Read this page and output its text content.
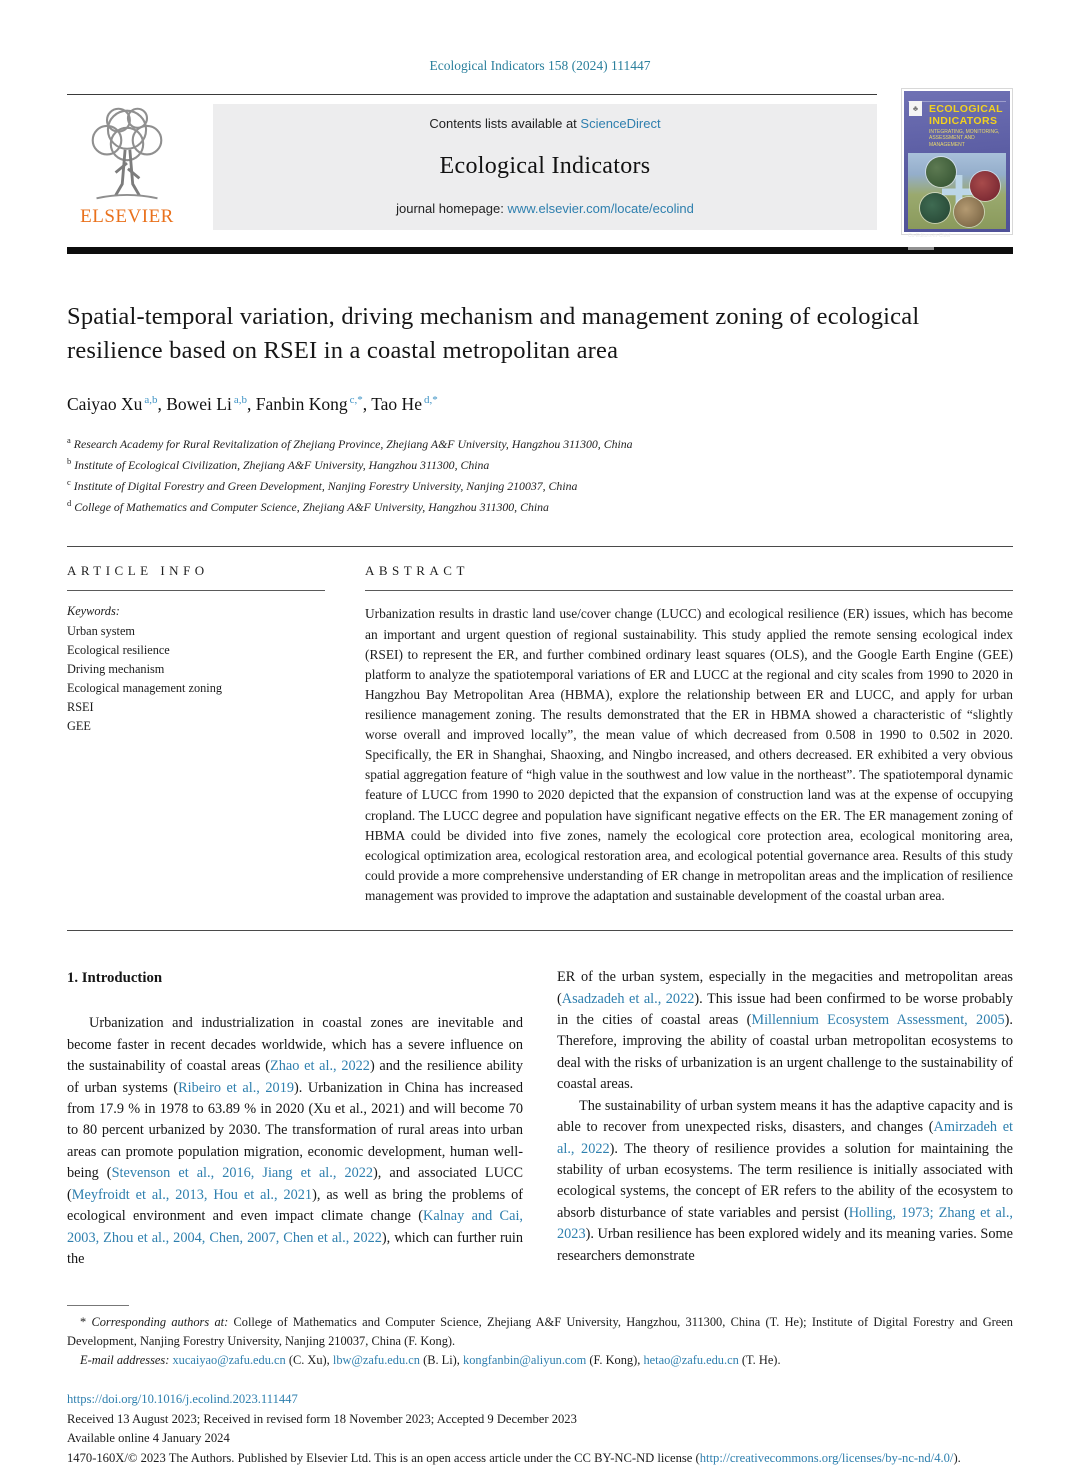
Ecological Indicators 158 (2024) 111447
ELSEVIER
Contents lists available at ScienceDirect
Ecological Indicators
journal homepage: www.elsevier.com/locate/ecolind
♣	ECOLOGICAL
INDICATORS
INTEGRATING, MONITORING, ASSESSMENT AND MANAGEMENT
Co-Editors-in-Chief
Spatial-temporal variation, driving mechanism and management zoning of ecological resilience based on RSEI in a coastal metropolitan area
Caiyao Xu $^{a,b}$, Bowei Li $^{a,b}$, Fanbin Kong $^{c,*}$, Tao He $^{d,*}$
$^a$ Research Academy for Rural Revitalization of Zhejiang Province, Zhejiang A&F University, Hangzhou 311300, China
$^b$ Institute of Ecological Civilization, Zhejiang A&F University, Hangzhou 311300, China
$^c$ Institute of Digital Forestry and Green Development, Nanjing Forestry University, Nanjing 210037, China
$^d$ College of Mathematics and Computer Science, Zhejiang A&F University, Hangzhou 311300, China
ARTICLE INFO
Keywords:
Urban system
Ecological resilience
Driving mechanism
Ecological management zoning
RSEI
GEE
ABSTRACT
Urbanization results in drastic land use/cover change (LUCC) and ecological resilience (ER) issues, which has become an important and urgent question of regional sustainability. This study applied the remote sensing ecological index (RSEI) to represent the ER, and further combined ordinary least squares (OLS), and the Google Earth Engine (GEE) platform to analyze the spatiotemporal variations of ER and LUCC at the regional and city scales from 1990 to 2020 in Hangzhou Bay Metropolitan Area (HBMA), explore the relationship between ER and LUCC, and apply for urban resilience management zoning. The results demonstrated that the ER in HBMA showed a characteristic of “slightly worse overall and improved locally”, the mean value of which decreased from 0.508 in 1990 to 0.502 in 2020. Specifically, the ER in Shanghai, Shaoxing, and Ningbo increased, and others decreased. ER exhibited a very obvious spatial aggregation feature of “high value in the southwest and low value in the northeast”. The spatiotemporal dynamic feature of LUCC from 1990 to 2020 depicted that the expansion of construction land was at the expense of occupying cropland. The LUCC degree and population have significant negative effects on the ER. The ER management zoning of HBMA could be divided into five zones, namely the ecological core protection area, ecological monitoring area, ecological optimization area, ecological restoration area, and ecological potential governance area. Results of this study could provide a more comprehensive understanding of ER change in metropolitan areas and the implication of resilience management was provided to improve the adaptation and sustainable development of the coastal urban area.
1. Introduction

Urbanization and industrialization in coastal zones are inevitable and become faster in recent decades worldwide, which has a severe influence on the sustainability of coastal areas (Zhao et al., 2022) and the resilience ability of urban systems (Ribeiro et al., 2019). Urbanization in China has increased from 17.9 % in 1978 to 63.89 % in 2020 (Xu et al., 2021) and will become 70 to 80 percent urbanized by 2030. The transformation of rural areas into urban areas can promote population migration, economic development, human well-being (Stevenson et al., 2016, Jiang et al., 2022), and associated LUCC (Meyfroidt et al., 2013, Hou et al., 2021), as well as bring the problems of ecological environment and even impact climate change (Kalnay and Cai, 2003, Zhou et al., 2004, Chen, 2007, Chen et al., 2022), which can further ruin the

ER of the urban system, especially in the megacities and metropolitan areas (Asadzadeh et al., 2022). This issue had been confirmed to be worse probably in the cities of coastal areas (Millennium Ecosystem Assessment, 2005). Therefore, improving the ability of coastal urban metropolitan ecosystems to deal with the risks of urbanization is an urgent challenge to the sustainability of coastal areas.

The sustainability of urban system means it has the adaptive capacity and is able to recover from unexpected risks, disasters, and changes (Amirzadeh et al., 2022). The theory of resilience provides a solution for maintaining the stability of urban ecosystems. The term resilience is initially associated with ecological systems, the concept of ER refers to the ability of the ecosystem to absorb disturbance of state variables and persist (Holling, 1973; Zhang et al., 2023). Urban resilience has been explored widely and its meaning varies. Some researchers demonstrate

* Corresponding authors at: College of Mathematics and Computer Science, Zhejiang A&F University, Hangzhou, 311300, China (T. He); Institute of Digital Forestry and Green Development, Nanjing Forestry University, Nanjing 210037, China (F. Kong).

E-mail addresses: xucaiyao@zafu.edu.cn (C. Xu), lbw@zafu.edu.cn (B. Li), kongfanbin@aliyun.com (F. Kong), hetao@zafu.edu.cn (T. He).

https://doi.org/10.1016/j.ecolind.2023.111447
Received 13 August 2023; Received in revised form 18 November 2023; Accepted 9 December 2023
Available online 4 January 2024
1470-160X/© 2023 The Authors. Published by Elsevier Ltd. This is an open access article under the CC BY-NC-ND license (http://creativecommons.org/licenses/by-nc-nd/4.0/).
